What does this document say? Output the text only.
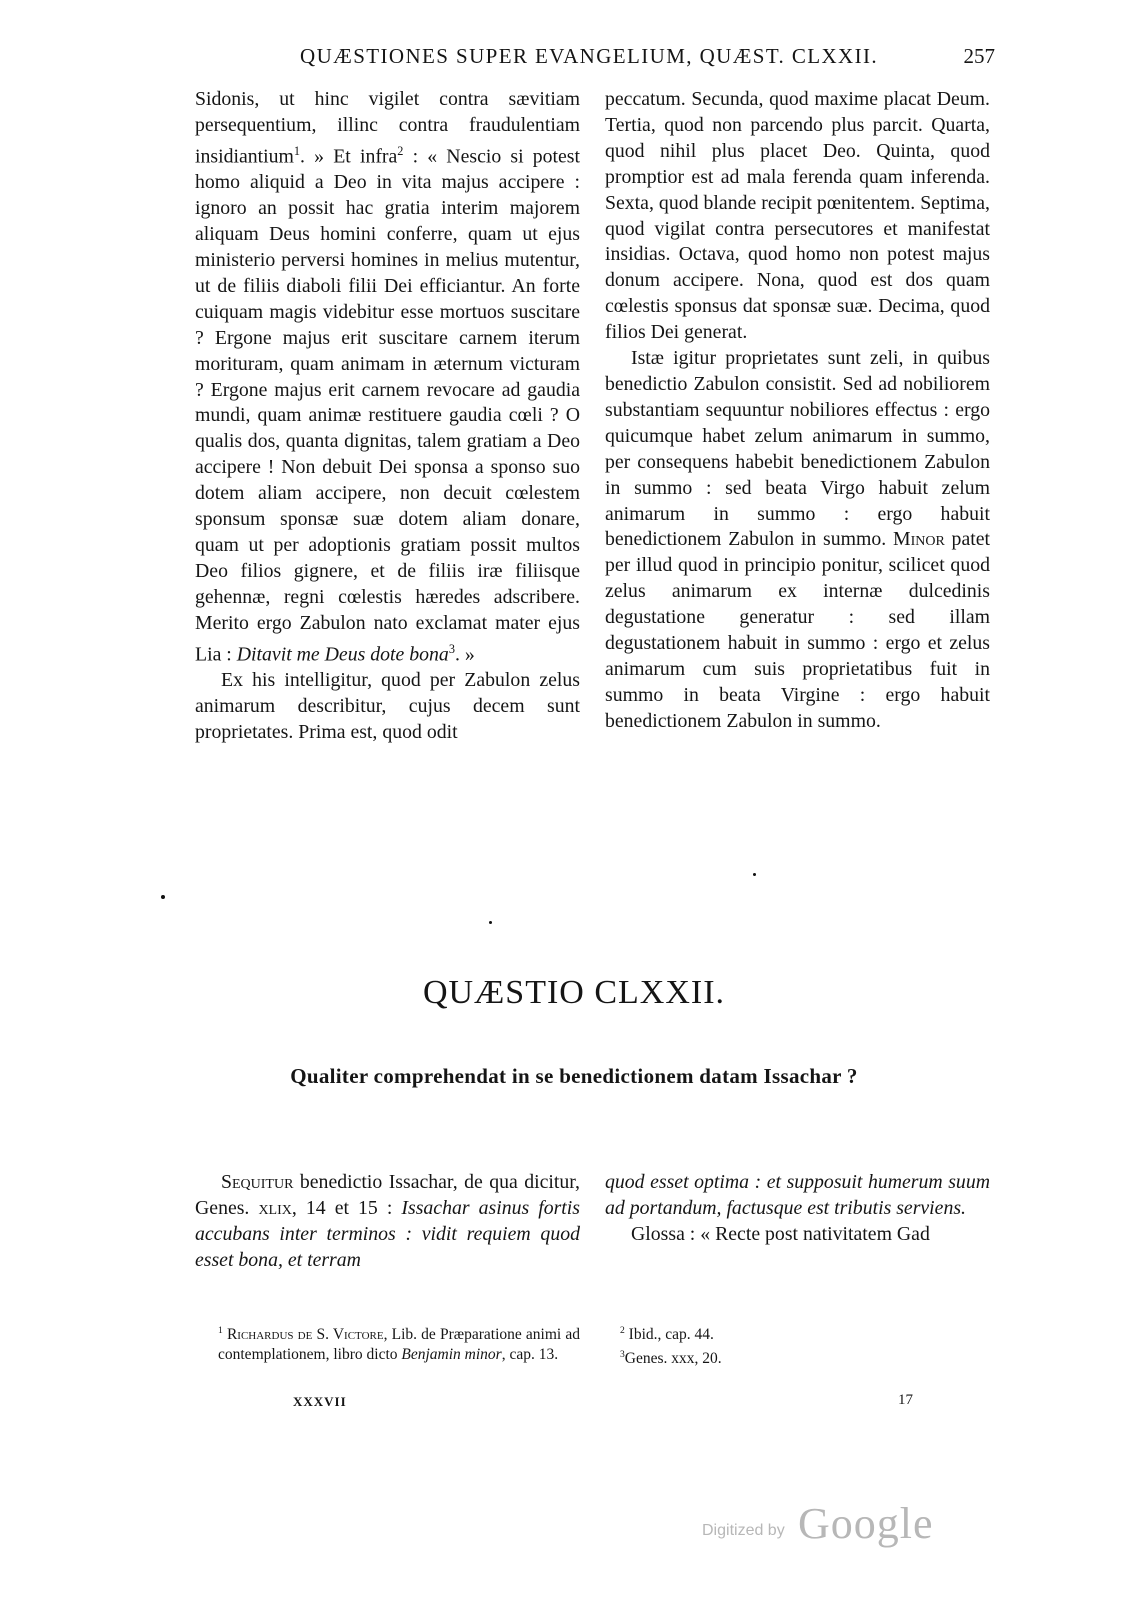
QUÆSTIONES SUPER EVANGELIUM, QUÆST. CLXXII.	257

Sidonis, ut hinc vigilet contra sævitiam persequentium, illinc contra fraudulentiam insidiantium$^1$. » Et infra$^2$ : « Nescio si potest homo aliquid a Deo in vita majus accipere : ignoro an possit hac gratia interim majorem aliquam Deus homini conferre, quam ut ejus ministerio perversi homines in melius mutentur, ut de filiis diaboli filii Dei efficiantur. An forte cuiquam magis videbitur esse mortuos suscitare ? Ergone majus erit suscitare carnem iterum morituram, quam animam in æternum victuram ? Ergone majus erit carnem revocare ad gaudia mundi, quam animæ restituere gaudia cœli ? O qualis dos, quanta dignitas, talem gratiam a Deo accipere ! Non debuit Dei sponsa a sponso suo dotem aliam accipere, non decuit cœlestem sponsum sponsæ suæ dotem aliam donare, quam ut per adoptionis gratiam possit multos Deo filios gignere, et de filiis iræ filiisque gehennæ, regni cœlestis hæredes adscribere. Merito ergo Zabulon nato exclamat mater ejus Lia : Ditavit me Deus dote bona$^3$. »

Ex his intelligitur, quod per Zabulon zelus animarum describitur, cujus decem sunt proprietates. Prima est, quod odit

peccatum. Secunda, quod maxime placat Deum. Tertia, quod non parcendo plus parcit. Quarta, quod nihil plus placet Deo. Quinta, quod promptior est ad mala ferenda quam inferenda. Sexta, quod blande recipit pœnitentem. Septima, quod vigilat contra persecutores et manifestat insidias. Octava, quod homo non potest majus donum accipere. Nona, quod est dos quam cœlestis sponsus dat sponsæ suæ. Decima, quod filios Dei generat.

Istæ igitur proprietates sunt zeli, in quibus benedictio Zabulon consistit. Sed ad nobiliorem substantiam sequuntur nobiliores effectus : ergo quicumque habet zelum animarum in summo, per consequens habebit benedictionem Zabulon in summo : sed beata Virgo habuit zelum animarum in summo : ergo habuit benedictionem Zabulon in summo. Minor patet per illud quod in principio ponitur, scilicet quod zelus animarum ex internæ dulcedinis degustatione generatur : sed illam degustationem habuit in summo : ergo et zelus animarum cum suis proprietatibus fuit in summo in beata Virgine : ergo habuit benedictionem Zabulon in summo.

QUÆSTIO CLXXII.
Qualiter comprehendat in se benedictionem datam Issachar ?

Sequitur benedictio Issachar, de qua dicitur, Genes. xlix, 14 et 15 : Issachar asinus fortis accubans inter terminos : vidit requiem quod esset bona, et terram

quod esset optima : et supposuit humerum suum ad portandum, factusque est tributis serviens.

Glossa : « Recte post nativitatem Gad

$^1$ Richardus de S. Victore, Lib. de Præparatione animi ad contemplationem, libro dicto Benjamin minor, cap. 13.

$^2$ Ibid., cap. 44.

$^3$Genes. xxx, 20.

XXXVII	17
Digitized by Google
